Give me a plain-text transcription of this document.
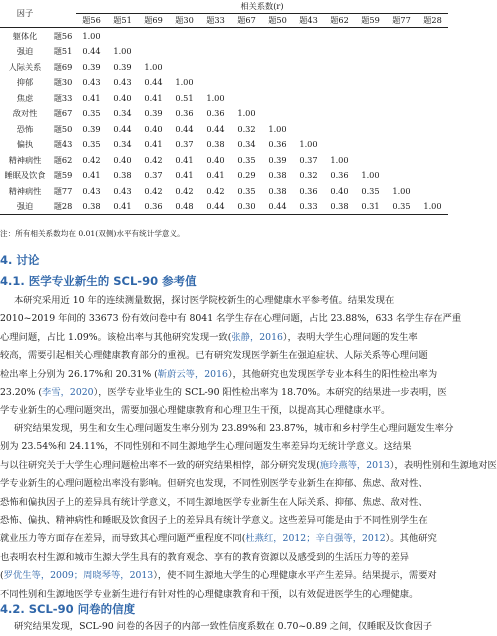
因子		相关系数(r)											
		题56	题51	题69	题30	题33	题67	题50	题43	题62	题59	题77	题28
躯体化	题56	1.00											
强迫	题51	0.44	1.00										
人际关系	题69	0.39	0.39	1.00									
抑郁	题30	0.43	0.43	0.44	1.00								
焦虑	题33	0.41	0.40	0.41	0.51	1.00							
敌对性	题67	0.35	0.34	0.39	0.36	0.36	1.00						
恐怖	题50	0.39	0.44	0.40	0.44	0.44	0.32	1.00					
偏执	题43	0.35	0.34	0.41	0.37	0.38	0.34	0.36	1.00				
精神病性	题62	0.42	0.40	0.42	0.41	0.40	0.35	0.39	0.37	1.00			
睡眠及饮食	题59	0.41	0.38	0.37	0.41	0.41	0.29	0.38	0.32	0.36	1.00		
精神病性	题77	0.43	0.43	0.42	0.42	0.42	0.35	0.38	0.36	0.40	0.35	1.00	
强迫	题28	0.38	0.41	0.36	0.48	0.44	0.30	0.44	0.33	0.38	0.31	0.35	1.00
注：所有相关系数均在 0.01(双侧)水平有统计学意义。
4. 讨论
4.1. 医学专业新生的 SCL-90 参考值
本研究采用近 10 年的连续测量数据，探讨医学院校新生的心理健康水平参考值。结果发现在
2010~2019 年间的 33673 份有效问卷中有 8041 名学生存在心理问题，占比 23.88%，633 名学生存在严重
心理问题，占比 1.09%。该检出率与其他研究发现一致(张静，2016），表明大学生心理问题的发生率
较高，需要引起相关心理健康教育部分的重视。已有研究发现医学新生在强迫症状、人际关系等心理问题
检出率上分别为 26.17%和 20.31% (靳蔚云等，2016），其他研究也发现医学专业本科生的阳性检出率为
23.20% (李雪，2020），医学专业毕业生的 SCL-90 阳性检出率为 18.70%。本研究的结果进一步表明，医
学专业新生的心理问题突出，需要加强心理健康教育和心理卫生干预，以提高其心理健康水平。
研究结果发现，男生和女生心理问题发生率分别为 23.89%和 23.87%，城市和乡村学生心理问题发生率分
别为 23.54%和 24.11%，不同性别和不同生源地学生心理问题发生率差异均无统计学意义。这结果
与以往研究关于大学生心理问题检出率不一致的研究结果相悖，部分研究发现(施玲燕等，2013），表明性别和生源地对医
学专业新生的心理问题检出率没有影响。但研究也发现，不同性别医学专业新生在抑郁、焦虑、敌对性、
恐怖和偏执因子上的差异具有统计学意义，不同生源地医学专业新生在人际关系、抑郁、焦虑、敌对性、
恐怖、偏执、精神病性和睡眠及饮食因子上的差异具有统计学意义。这些差异可能是由于不同性别学生在
就业压力等方面存在差异，而导致其心理问题严重程度不同(杜燕红，2012；辛自强等，2012）。其他研究
也表明农村生源和城市生源大学生具有的教育观念、享有的教育资源以及感受到的生活压力等的差异
(罗优生等，2009；周晓琴等，2013），使不同生源地大学生的心理健康水平产生差异。结果提示，需要对
不同性别和生源地医学专业新生进行有针对性的心理健康教育和干预，以有效促进医学生的心理健康。
4.2. SCL-90 问卷的信度
研究结果发现，SCL-90 问卷的各因子的内部一致性信度系数在 0.70~0.89 之间，仅睡眠及饮食因子
